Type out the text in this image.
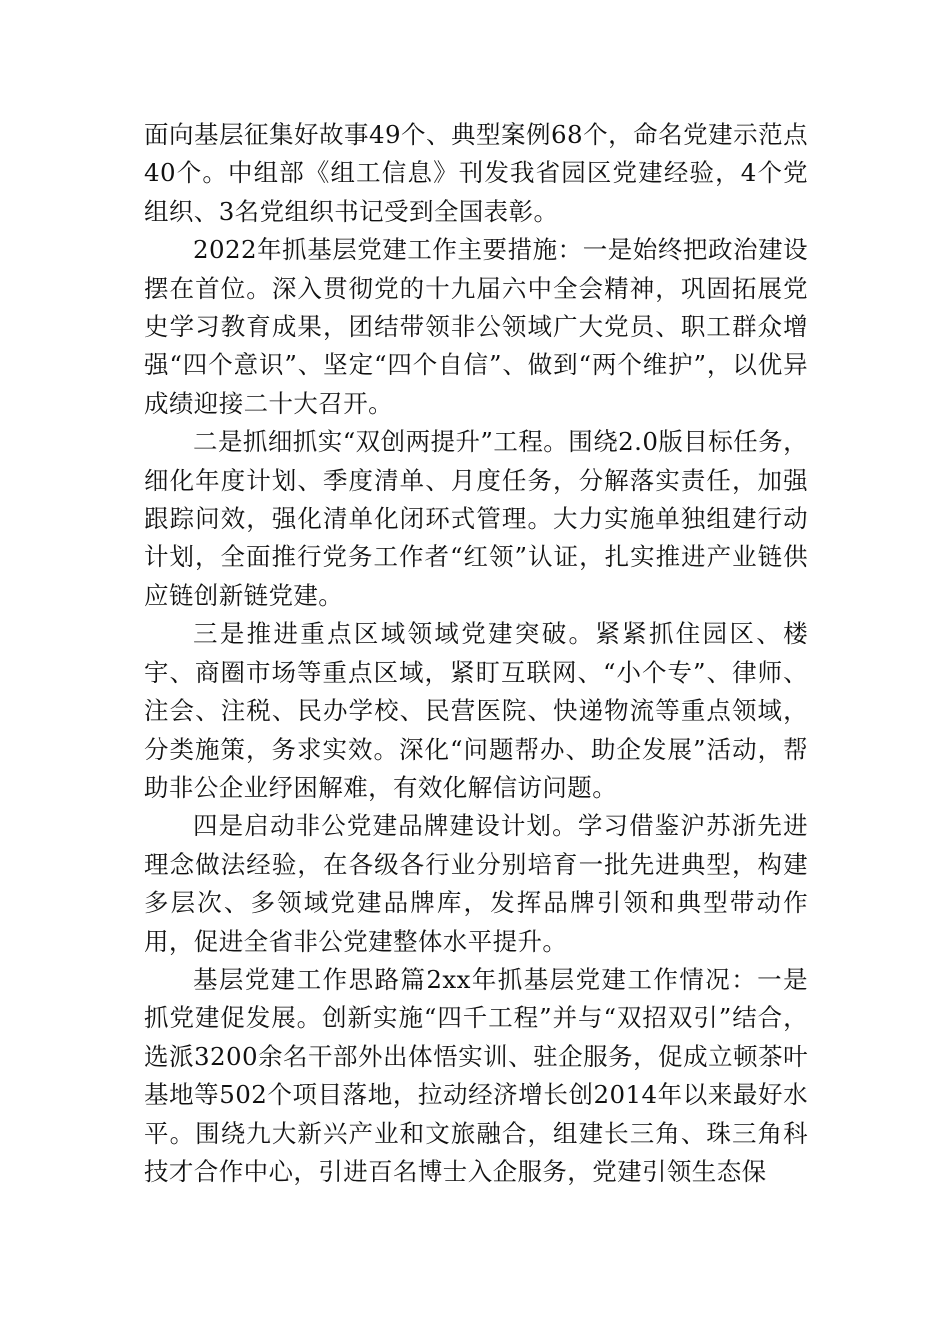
面向基层征集好故事49个、典型案例68个，命名党建示范点40个。中组部《组工信息》刊发我省园区党建经验，4个党组织、3名党组织书记受到全国表彰。

2022年抓基层党建工作主要措施：一是始终把政治建设摆在首位。深入贯彻党的十九届六中全会精神，巩固拓展党史学习教育成果，团结带领非公领域广大党员、职工群众增强“四个意识”、坚定“四个自信”、做到“两个维护”，以优异成绩迎接二十大召开。

二是抓细抓实“双创两提升”工程。围绕2.0版目标任务，细化年度计划、季度清单、月度任务，分解落实责任，加强跟踪问效，强化清单化闭环式管理。大力实施单独组建行动计划，全面推行党务工作者“红领”认证，扎实推进产业链供应链创新链党建。

三是推进重点区域领域党建突破。紧紧抓住园区、楼宇、商圈市场等重点区域，紧盯互联网、“小个专”、律师、注会、注税、民办学校、民营医院、快递物流等重点领域，分类施策，务求实效。深化“问题帮办、助企发展”活动，帮助非公企业纾困解难，有效化解信访问题。

四是启动非公党建品牌建设计划。学习借鉴沪苏浙先进理念做法经验，在各级各行业分别培育一批先进典型，构建多层次、多领域党建品牌库，发挥品牌引领和典型带动作用，促进全省非公党建整体水平提升。

基层党建工作思路篇2xx年抓基层党建工作情况：一是抓党建促发展。创新实施“四千工程”并与“双招双引”结合，选派3200余名干部外出体悟实训、驻企服务，促成立顿茶叶基地等502个项目落地，拉动经济增长创2014年以来最好水平。围绕九大新兴产业和文旅融合，组建长三角、珠三角科技才合作中心，引进百名博士入企服务，党建引领生态保
